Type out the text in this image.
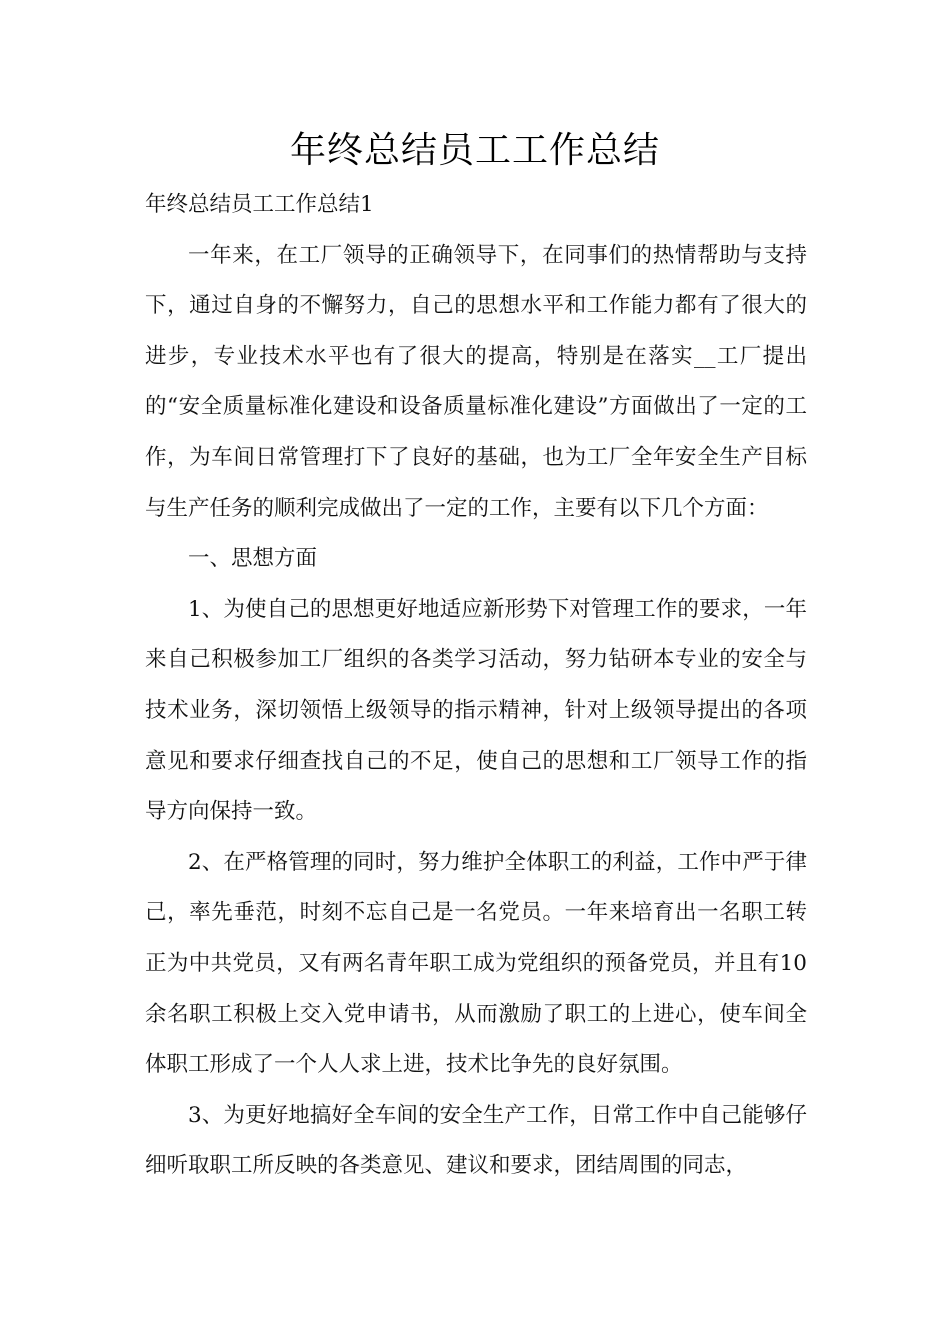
年终总结员工工作总结

年终总结员工工作总结1

一年来，在工厂领导的正确领导下，在同事们的热情帮助与支持下，通过自身的不懈努力，自己的思想水平和工作能力都有了很大的进步，专业技术水平也有了很大的提高，特别是在落实__工厂提出的“安全质量标准化建设和设备质量标准化建设”方面做出了一定的工作，为车间日常管理打下了良好的基础，也为工厂全年安全生产目标与生产任务的顺利完成做出了一定的工作，主要有以下几个方面：

一、思想方面

1、为使自己的思想更好地适应新形势下对管理工作的要求，一年来自己积极参加工厂组织的各类学习活动，努力钻研本专业的安全与技术业务，深切领悟上级领导的指示精神，针对上级领导提出的各项意见和要求仔细查找自己的不足，使自己的思想和工厂领导工作的指导方向保持一致。

2、在严格管理的同时，努力维护全体职工的利益，工作中严于律己，率先垂范，时刻不忘自己是一名党员。一年来培育出一名职工转正为中共党员，又有两名青年职工成为党组织的预备党员，并且有10余名职工积极上交入党申请书，从而激励了职工的上进心，使车间全体职工形成了一个人人求上进，技术比争先的良好氛围。

3、为更好地搞好全车间的安全生产工作，日常工作中自己能够仔细听取职工所反映的各类意见、建议和要求，团结周围的同志，
